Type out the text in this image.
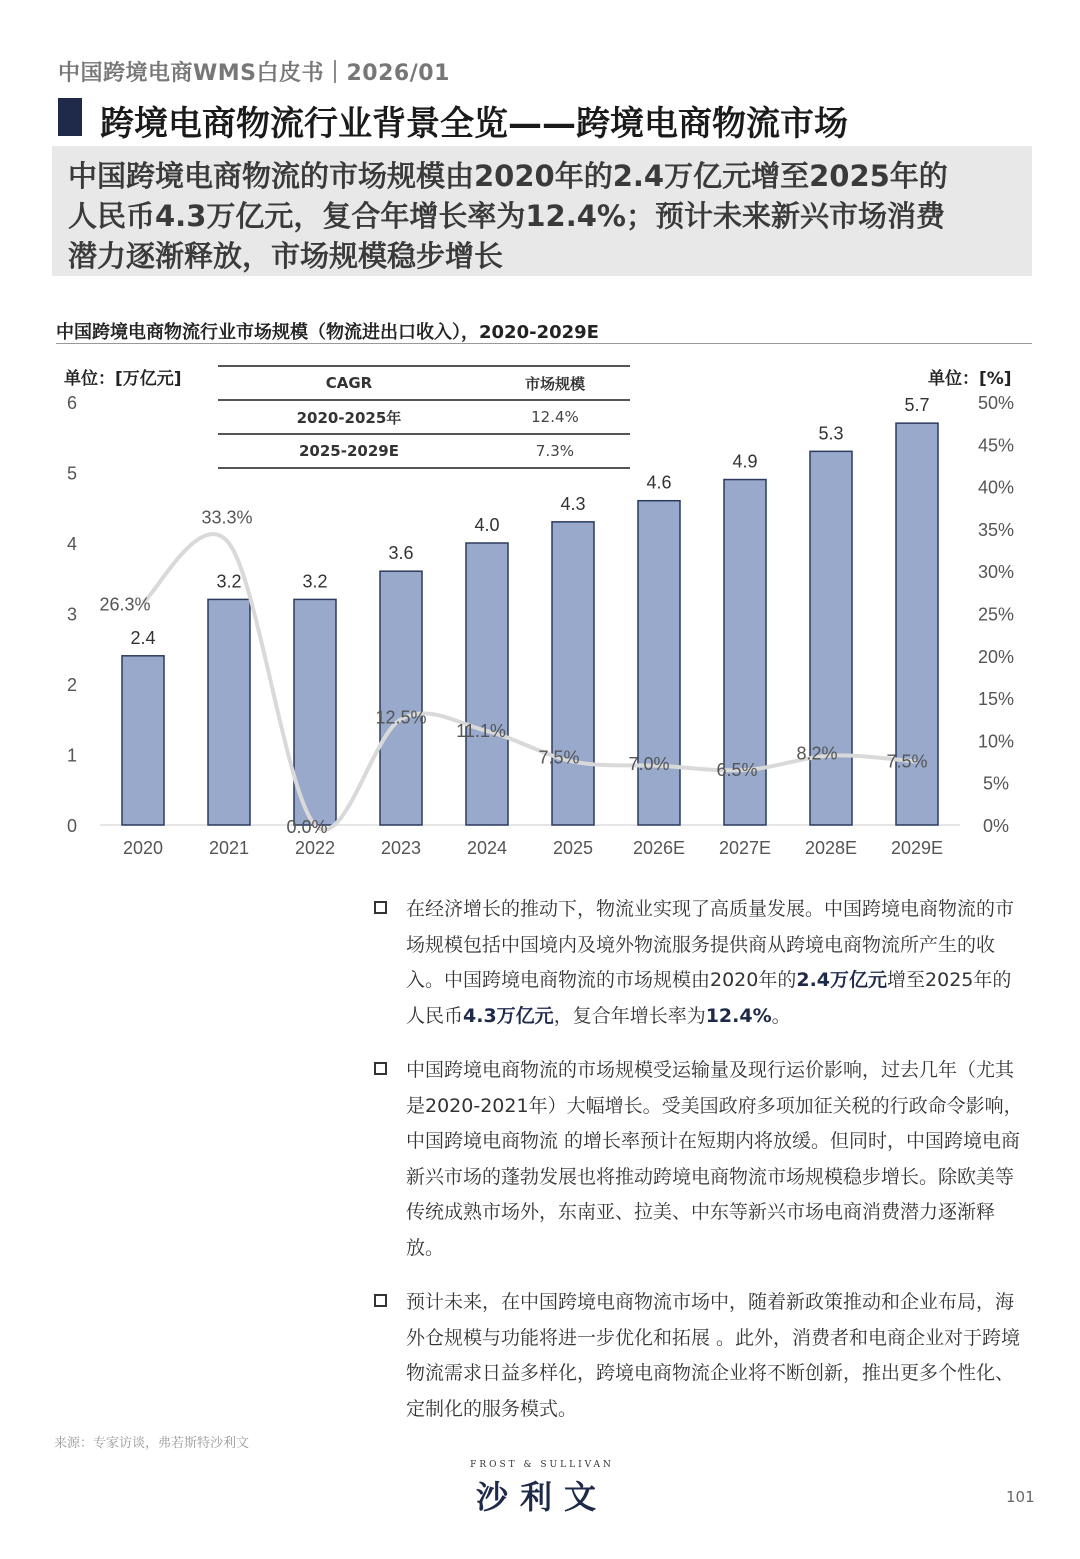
中国跨境电商WMS白皮书｜2026/01
跨境电商物流行业背景全览——跨境电商物流市场

中国跨境电商物流的市场规模由2020年的2.4万亿元增至2025年的

人民币4.3万亿元，复合年增长率为12.4%；预计未来新兴市场消费

潜力逐渐释放，市场规模稳步增长

中国跨境电商物流行业市场规模（物流进出口收入），2020-2029E
0
1
2
3
4
5
6
0%
5%
10%
15%
20%
25%
30%
35%
40%
45%
50%
2.4
3.2	3.2
3.6
4.0
4.3
4.6
4.9
5.3
5.7
2020	2021	2022	2023	2024	2025 2026E 2027E 2028E 2029E
26.3%
33.3%
0.0%
12.5%
11.1%
7.5%	7.0%	6.5%
8.2%	7.5%
单位：[万亿元]	单位：[%]
CAGR	市场规模
2020-2025年	12.4%
2025-2029E	7.3%

在经济增长的推动下，物流业实现了高质量发展。中国跨境电商物流的市场规模包括中国境内及境外物流服务提供商从跨境电商物流所产生的收入。中国跨境电商物流的市场规模由2020年的2.4万亿元增至2025年的人民币4.3万亿元，复合年增长率为12.4%。

中国跨境电商物流的市场规模受运输量及现行运价影响，过去几年（尤其是2020-2021年）大幅增长。受美国政府多项加征关税的行政命令影响，中国跨境电商物流 的增长率预计在短期内将放缓。但同时，中国跨境电商新兴市场的蓬勃发展也将推动跨境电商物流市场规模稳步增长。除欧美等传统成熟市场外，东南亚、拉美、中东等新兴市场电商消费潜力逐渐释放。

预计未来，在中国跨境电商物流市场中，随着新政策推动和企业布局，海外仓规模与功能将进一步优化和拓展 。此外，消费者和电商企业对于跨境物流需求日益多样化，跨境电商物流企业将不断创新，推出更多个性化、定制化的服务模式。

来源：专家访谈，弗若斯特沙利文
FROST & SULLIVAN
沙利文	101
